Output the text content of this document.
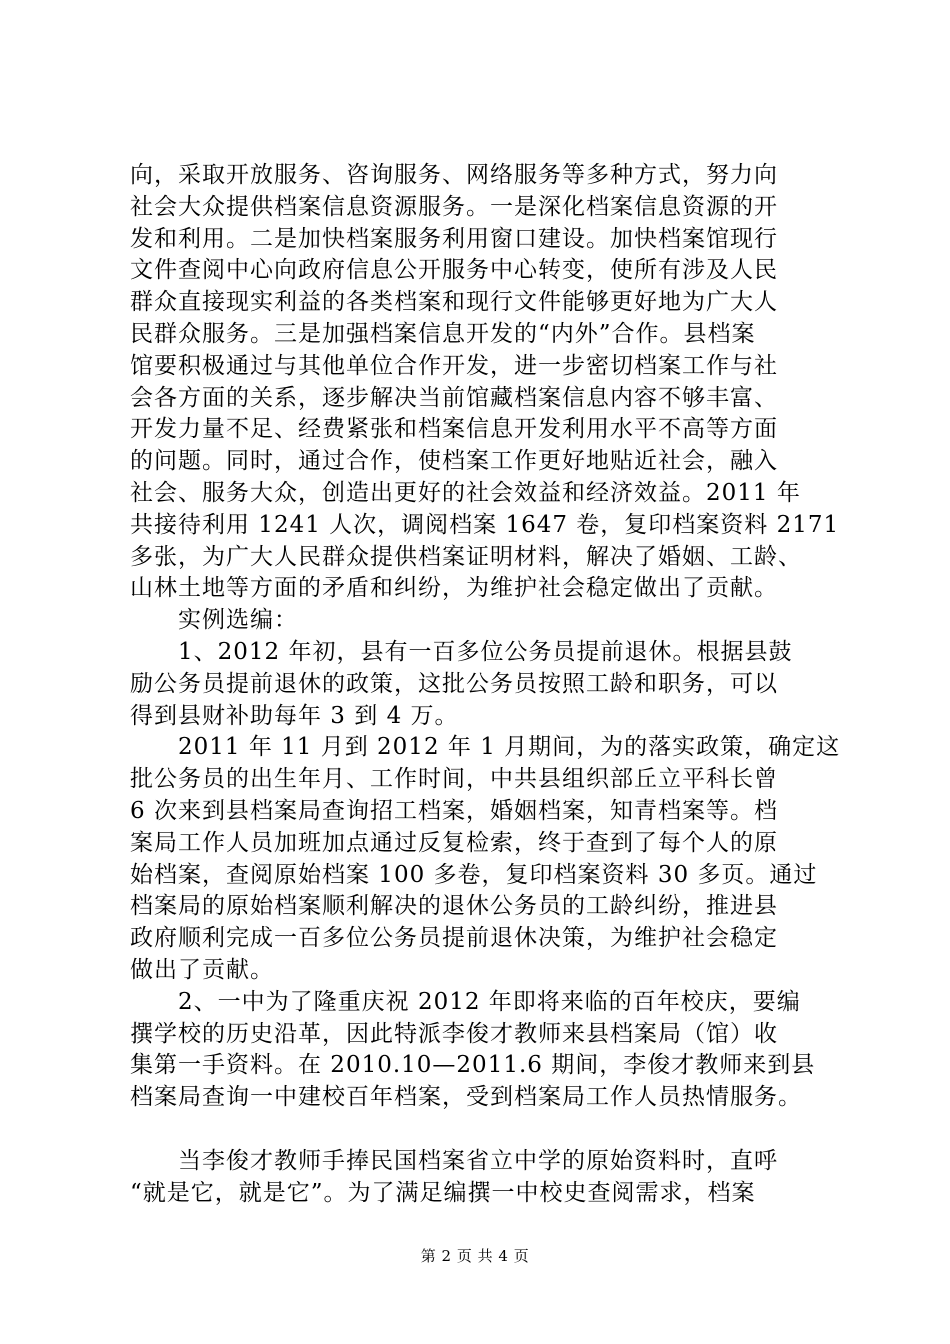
向，采取开放服务、咨询服务、网络服务等多种方式，努力向
社会大众提供档案信息资源服务。一是深化档案信息资源的开
发和利用。二是加快档案服务利用窗口建设。加快档案馆现行
文件查阅中心向政府信息公开服务中心转变，使所有涉及人民
群众直接现实利益的各类档案和现行文件能够更好地为广大人
民群众服务。三是加强档案信息开发的“内外”合作。县档案
馆要积极通过与其他单位合作开发，进一步密切档案工作与社
会各方面的关系，逐步解决当前馆藏档案信息内容不够丰富、
开发力量不足、经费紧张和档案信息开发利用水平不高等方面
的问题。同时，通过合作，使档案工作更好地贴近社会，融入
社会、服务大众，创造出更好的社会效益和经济效益。2011 年
共接待利用 1241 人次，调阅档案 1647 卷，复印档案资料 2171
多张，为广大人民群众提供档案证明材料，解决了婚姻、工龄、
山林土地等方面的矛盾和纠纷，为维护社会稳定做出了贡献。
实例选编：
1、2012 年初，县有一百多位公务员提前退休。根据县鼓
励公务员提前退休的政策，这批公务员按照工龄和职务，可以
得到县财补助每年 3 到 4 万。
2011 年 11 月到 2012 年 1 月期间，为的落实政策，确定这
批公务员的出生年月、工作时间，中共县组织部丘立平科长曾
6 次来到县档案局查询招工档案，婚姻档案，知青档案等。档
案局工作人员加班加点通过反复检索，终于查到了每个人的原
始档案，查阅原始档案 100 多卷，复印档案资料 30 多页。通过
档案局的原始档案顺利解决的退休公务员的工龄纠纷，推进县
政府顺利完成一百多位公务员提前退休决策，为维护社会稳定
做出了贡献。
2、一中为了隆重庆祝 2012 年即将来临的百年校庆，要编
撰学校的历史沿革，因此特派李俊才教师来县档案局（馆）收
集第一手资料。在 2010.10—2011.6 期间，李俊才教师来到县
档案局查询一中建校百年档案，受到档案局工作人员热情服务。
当李俊才教师手捧民国档案省立中学的原始资料时，直呼
“就是它，就是它”。为了满足编撰一中校史查阅需求，档案
第 2 页 共 4 页
